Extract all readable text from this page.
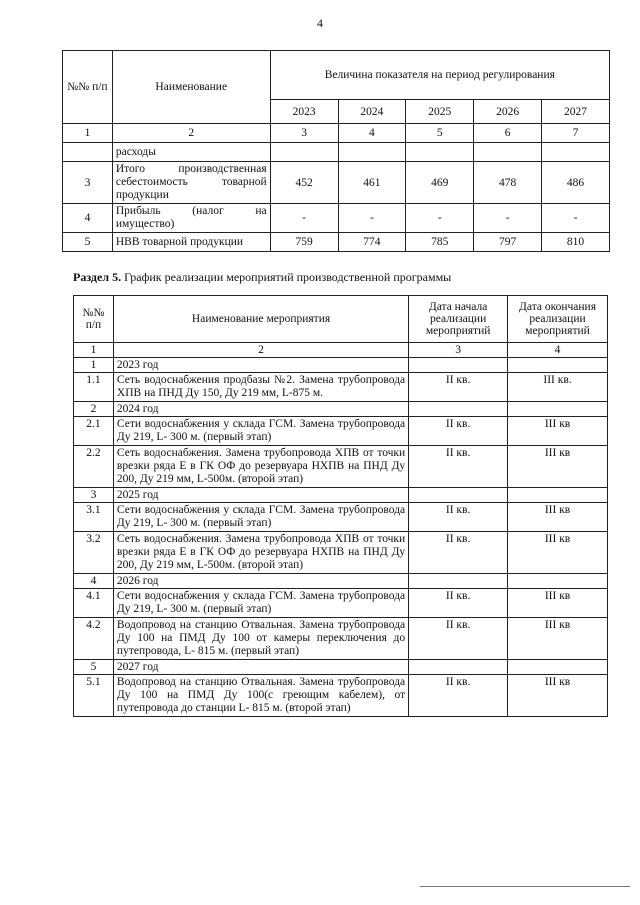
4
№№ п/п	Наименование	Величина показателя на период регулирования				
		2023	2024	2025	2026	2027
1	2	3	4	5	6	7
	расходы					
3	Итого производственная себестоимость товарной продукции	452	461	469	478	486
4	Прибыль (налог на имущество)	-	-	-	-	-
5	НВВ товарной продукции	759	774	785	797	810
Раздел 5. График реализации мероприятий производственной программы
№№ п/п	Наименование мероприятия	Дата начала реализации мероприятий	Дата окончания реализации мероприятий
1	2	3	4
1	2023 год		
1.1	Сеть водоснабжения продбазы №2. Замена трубопровода ХПВ на ПНД Ду 150, Ду 219 мм, L-875 м.	II кв.	III кв.
2	2024 год		
2.1	Сети водоснабжения у склада ГСМ. Замена трубопровода Ду 219, L- 300 м. (первый этап)	II кв.	III кв
2.2	Сеть водоснабжения. Замена трубопровода ХПВ от точки врезки ряда Е в ГК ОФ до резервуара НХПВ на ПНД Ду 200, Ду 219 мм, L-500м. (второй этап)	II кв.	III кв
3	2025 год		
3.1	Сети водоснабжения у склада ГСМ. Замена трубопровода Ду 219, L- 300 м. (первый этап)	II кв.	III кв
3.2	Сеть водоснабжения. Замена трубопровода ХПВ от точки врезки ряда Е в ГК ОФ до резервуара НХПВ на ПНД Ду 200, Ду 219 мм, L-500м. (второй этап)	II кв.	III кв
4	2026 год		
4.1	Сети водоснабжения у склада ГСМ. Замена трубопровода Ду 219, L- 300 м. (первый этап)	II кв.	III кв
4.2	Водопровод на станцию Отвальная. Замена трубопровода Ду 100 на ПМД Ду 100 от камеры переключения до путепровода, L- 815 м. (первый этап)	II кв.	III кв
5	2027 год		
5.1	Водопровод на станцию Отвальная. Замена трубопровода Ду 100 на ПМД Ду 100(с греющим кабелем), от путепровода до станции L- 815 м. (второй этап)	II кв.	III кв
